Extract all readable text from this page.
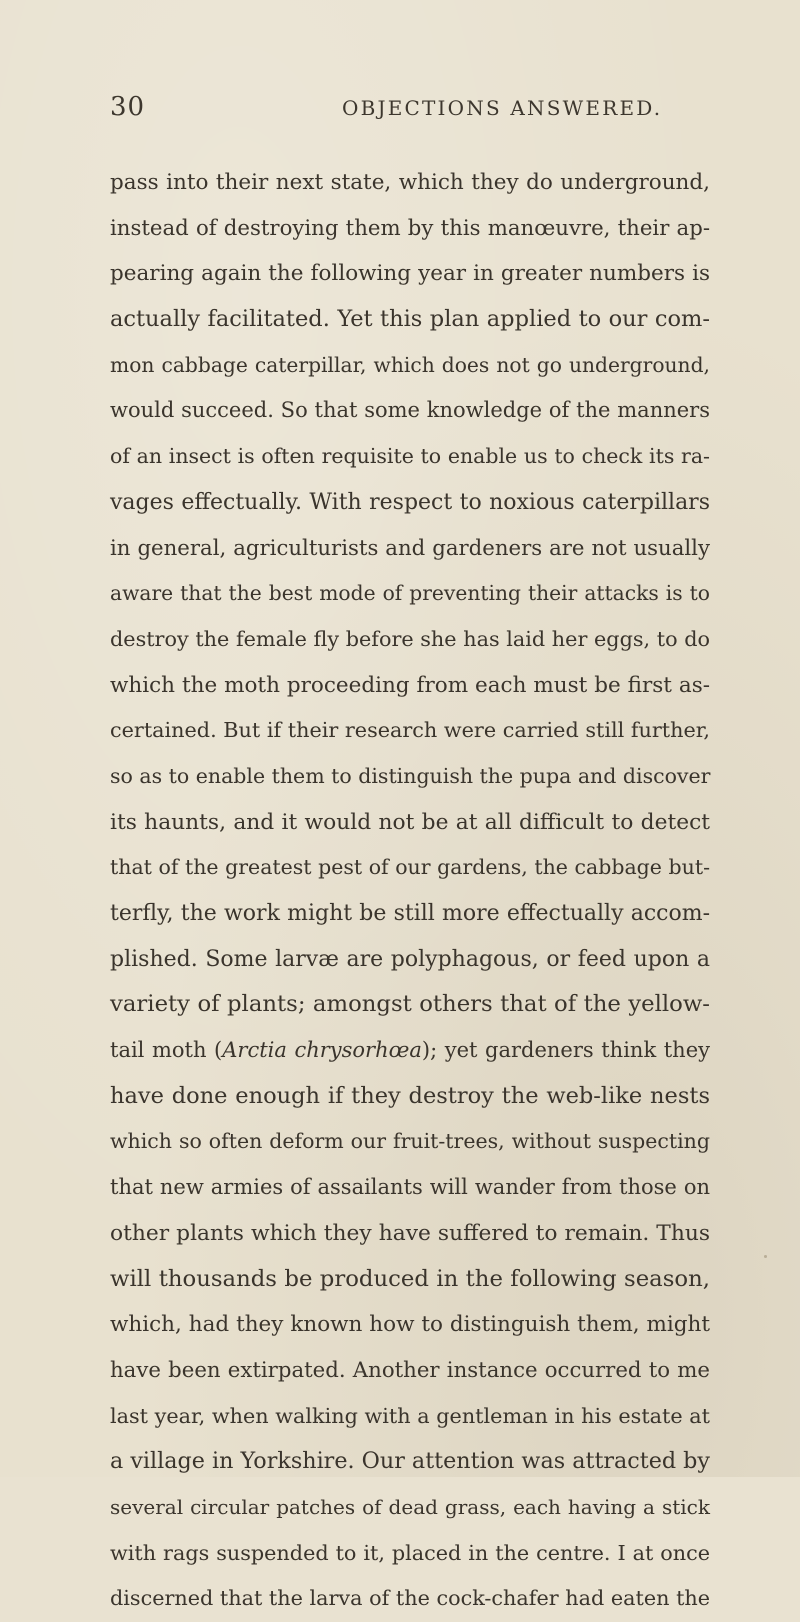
30	OBJECTIONS ANSWERED.
pass into their next state, which they do underground,
instead of destroying them by this manœuvre, their ap-
pearing again the following year in greater numbers is
actually facilitated. Yet this plan applied to our com-
mon cabbage caterpillar, which does not go underground,
would succeed. So that some knowledge of the manners
of an insect is often requisite to enable us to check its ra-
vages effectually. With respect to noxious caterpillars
in general, agriculturists and gardeners are not usually
aware that the best mode of preventing their attacks is to
destroy the female fly before she has laid her eggs, to do
which the moth proceeding from each must be first as-
certained. But if their research were carried still further,
so as to enable them to distinguish the pupa and discover
its haunts, and it would not be at all difficult to detect
that of the greatest pest of our gardens, the cabbage but-
terfly, the work might be still more effectually accom-
plished. Some larvæ are polyphagous, or feed upon a
variety of plants; amongst others that of the yellow-
tail moth (Arctia chrysorhœa); yet gardeners think they
have done enough if they destroy the web-like nests
which so often deform our fruit-trees, without suspecting
that new armies of assailants will wander from those on
other plants which they have suffered to remain. Thus
will thousands be produced in the following season,
which, had they known how to distinguish them, might
have been extirpated. Another instance occurred to me
last year, when walking with a gentleman in his estate at
a village in Yorkshire. Our attention was attracted by
several circular patches of dead grass, each having a stick
with rags suspended to it, placed in the centre. I at once
discerned that the larva of the cock-chafer had eaten the
